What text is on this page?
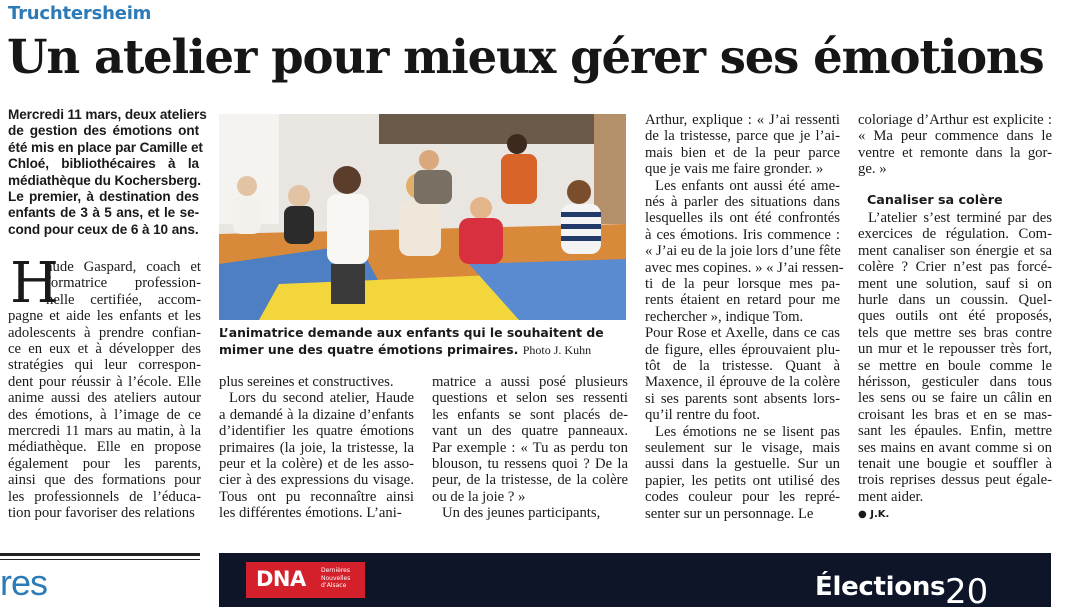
Truchtersheim
Un atelier pour mieux gérer ses émotions
Mercredi 11 mars, deux ateliers
de gestion des émotions ont
été mis en place par Camille et
Chloé, bibliothécaires à la
médiathèque du Kochersberg.
Le premier, à destination des
enfants de 3 à 5 ans, et le se-
cond pour ceux de 6 à 10 ans.
H
aude Gaspard, coach et
formatrice profession-
nelle certifiée, accom-
pagne et aide les enfants et les
adolescents à prendre confian-
ce en eux et à développer des
stratégies qui leur correspon-
dent pour réussir à l’école. Elle
anime aussi des ateliers autour
des émotions, à l’image de ce
mercredi 11 mars au matin, à la
médiathèque. Elle en propose
également pour les parents,
ainsi que des formations pour
les professionnels de l’éduca-
tion pour favoriser des relations
L’animatrice demande aux enfants qui le souhaitent de mimer une des quatre émotions primaires. Photo J. Kuhn
plus sereines et constructives.
Lors du second atelier, Haude
a demandé à la dizaine d’enfants
d’identifier les quatre émotions
primaires (la joie, la tristesse, la
peur et la colère) et de les asso-
cier à des expressions du visage.
Tous ont pu reconnaître ainsi
les différentes émotions. L’ani-
matrice a aussi posé plusieurs
questions et selon ses ressenti
les enfants se sont placés de-
vant un des quatre panneaux.
Par exemple : « Tu as perdu ton
blouson, tu ressens quoi ? De la
peur, de la tristesse, de la colère
ou de la joie ? »
Un des jeunes participants,
Arthur, explique : « J’ai ressenti
de la tristesse, parce que je l’ai-
mais bien et de la peur parce
que je vais me faire gronder. »
Les enfants ont aussi été ame-
nés à parler des situations dans
lesquelles ils ont été confrontés
à ces émotions. Iris commence :
« J’ai eu de la joie lors d’une fête
avec mes copines. » « J’ai ressen-
ti de la peur lorsque mes pa-
rents étaient en retard pour me
rechercher », indique Tom.
Pour Rose et Axelle, dans ce cas
de figure, elles éprouvaient plu-
tôt de la tristesse. Quant à
Maxence, il éprouve de la colère
si ses parents sont absents lors-
qu’il rentre du foot.
Les émotions ne se lisent pas
seulement sur le visage, mais
aussi dans la gestuelle. Sur un
papier, les petits ont utilisé des
codes couleur pour les repré-
senter sur un personnage. Le
coloriage d’Arthur est explicite :
« Ma peur commence dans le
ventre et remonte dans la gor-
ge. »
Canaliser sa colère
L’atelier s’est terminé par des
exercices de régulation. Com-
ment canaliser son énergie et sa
colère ? Crier n’est pas forcé-
ment une solution, sauf si on
hurle dans un coussin. Quel-
ques outils ont été proposés,
tels que mettre ses bras contre
un mur et le repousser très fort,
se mettre en boule comme le
hérisson, gesticuler dans tous
les sens ou se faire un câlin en
croisant les bras et en se mas-
sant les épaules. Enfin, mettre
ses mains en avant comme si on
tenait une bougie et souffler à
trois reprises dessus peut égale-
ment aider.
● J.K.
res	DNA	Dernières
Nouvelles
d’Alsace	Élections 20
